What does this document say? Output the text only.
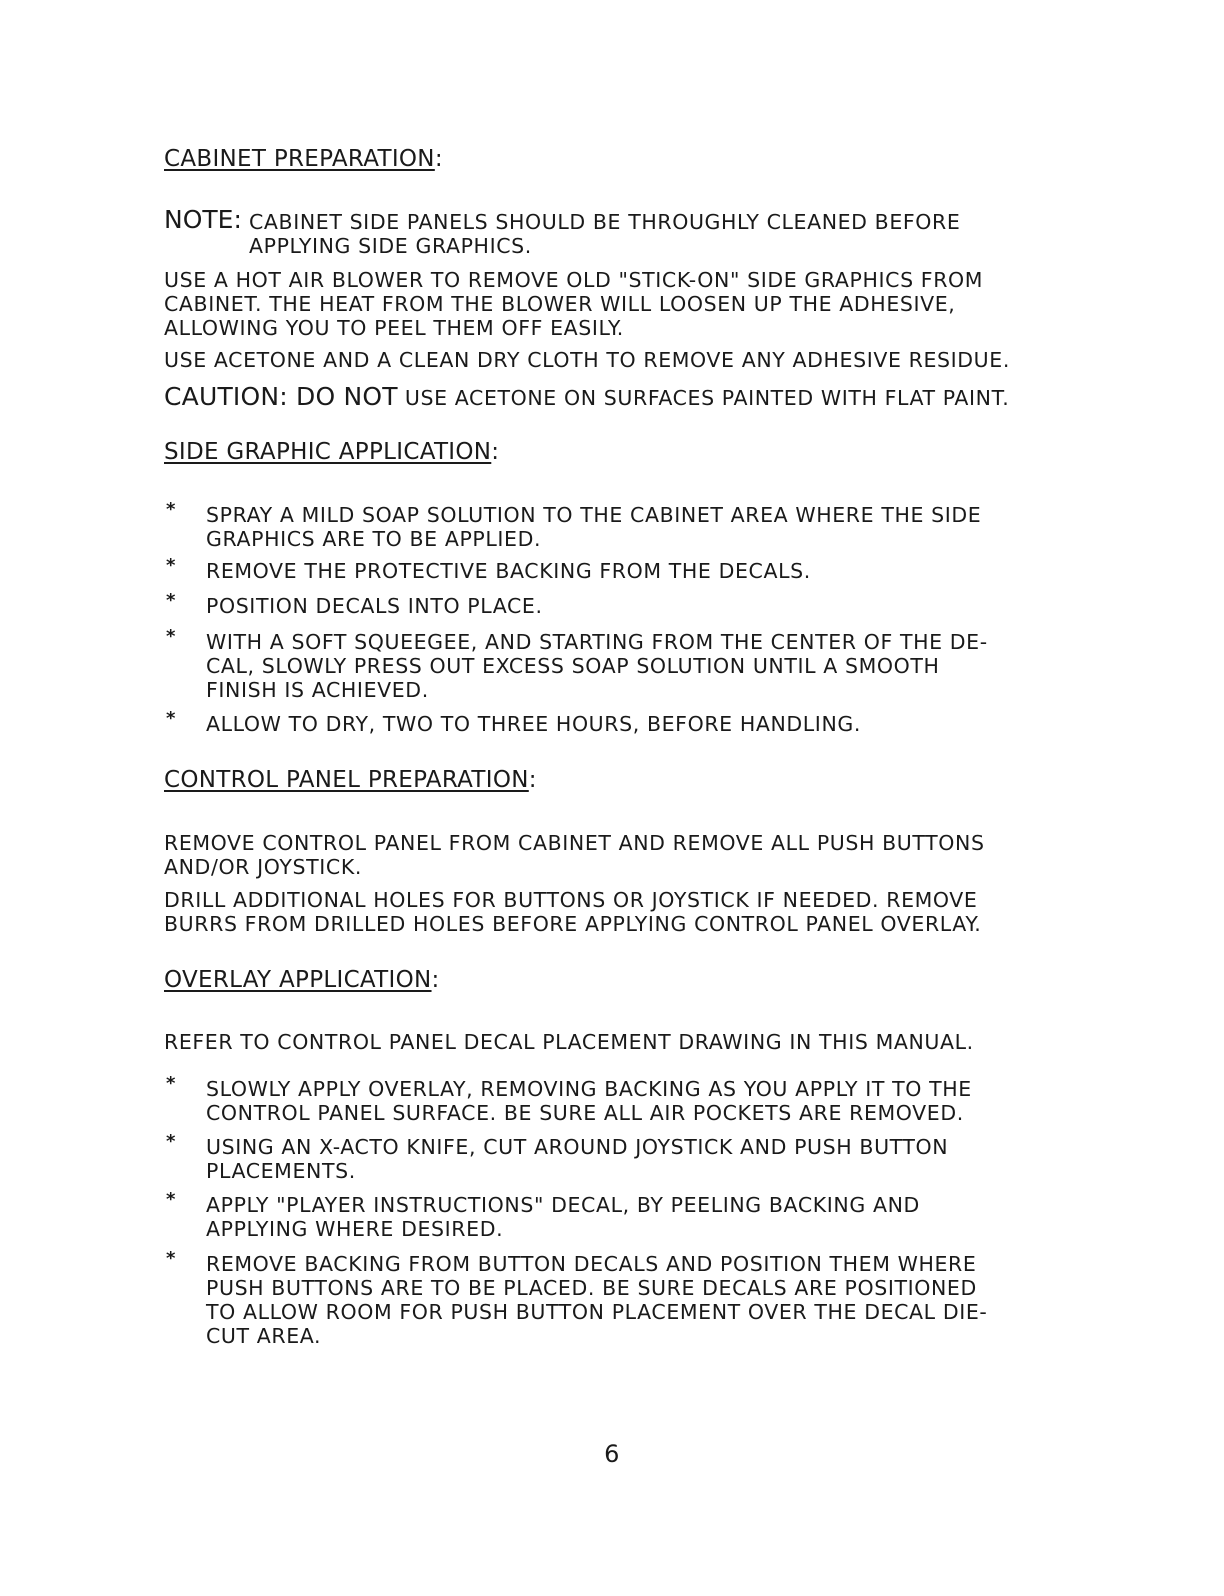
CABINET PREPARATION:

NOTE: CABINET SIDE PANELS SHOULD BE THROUGHLY CLEANED BEFORE
APPLYING SIDE GRAPHICS.

USE A HOT AIR BLOWER TO REMOVE OLD "STICK-ON" SIDE GRAPHICS FROM
CABINET. THE HEAT FROM THE BLOWER WILL LOOSEN UP THE ADHESIVE,
ALLOWING YOU TO PEEL THEM OFF EASILY.

USE ACETONE AND A CLEAN DRY CLOTH TO REMOVE ANY ADHESIVE RESIDUE.

CAUTION: DO NOT USE ACETONE ON SURFACES PAINTED WITH FLAT PAINT.

SIDE GRAPHIC APPLICATION:
* SPRAY A MILD SOAP SOLUTION TO THE CABINET AREA WHERE THE SIDE
GRAPHICS ARE TO BE APPLIED.

* REMOVE THE PROTECTIVE BACKING FROM THE DECALS.

* POSITION DECALS INTO PLACE.

* WITH A SOFT SQUEEGEE, AND STARTING FROM THE CENTER OF THE DE-
CAL, SLOWLY PRESS OUT EXCESS SOAP SOLUTION UNTIL A SMOOTH
FINISH IS ACHIEVED.

* ALLOW TO DRY, TWO TO THREE HOURS, BEFORE HANDLING.

CONTROL PANEL PREPARATION:

REMOVE CONTROL PANEL FROM CABINET AND REMOVE ALL PUSH BUTTONS
AND/OR JOYSTICK.

DRILL ADDITIONAL HOLES FOR BUTTONS OR JOYSTICK IF NEEDED. REMOVE
BURRS FROM DRILLED HOLES BEFORE APPLYING CONTROL PANEL OVERLAY.

OVERLAY APPLICATION:

REFER TO CONTROL PANEL DECAL PLACEMENT DRAWING IN THIS MANUAL.

* SLOWLY APPLY OVERLAY, REMOVING BACKING AS YOU APPLY IT TO THE
CONTROL PANEL SURFACE. BE SURE ALL AIR POCKETS ARE REMOVED.

* USING AN X-ACTO KNIFE, CUT AROUND JOYSTICK AND PUSH BUTTON
PLACEMENTS.

* APPLY "PLAYER INSTRUCTIONS" DECAL, BY PEELING BACKING AND
APPLYING WHERE DESIRED.

* REMOVE BACKING FROM BUTTON DECALS AND POSITION THEM WHERE
PUSH BUTTONS ARE TO BE PLACED. BE SURE DECALS ARE POSITIONED
TO ALLOW ROOM FOR PUSH BUTTON PLACEMENT OVER THE DECAL DIE-
CUT AREA.

6
